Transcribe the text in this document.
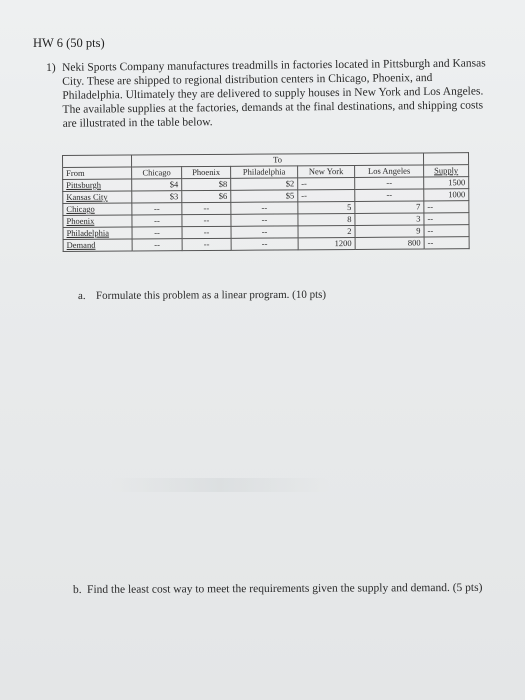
HW 6 (50 pts)
1) Neki Sports Company manufactures treadmills in factories located in Pittsburgh and Kansas City. These are shipped to regional distribution centers in Chicago, Phoenix, and Philadelphia. Ultimately they are delivered to supply houses in New York and Los Angeles. The available supplies at the factories, demands at the final destinations, and shipping costs are illustrated in the table below.
	To					
From	Chicago	Phoenix	Philadelphia	New York	Los Angeles	Supply
Pittsburgh	$4	$8	$2	--	--	1500
Kansas City	$3	$6	$5	--	--	1000
Chicago	--	--	--	5	7	--
Phoenix	--	--	--	8	3	--
Philadelphia	--	--	--	2	9	--
Demand	--	--	--	1200	800	--
a. Formulate this problem as a linear program. (10 pts)
b. Find the least cost way to meet the requirements given the supply and demand. (5 pts)
